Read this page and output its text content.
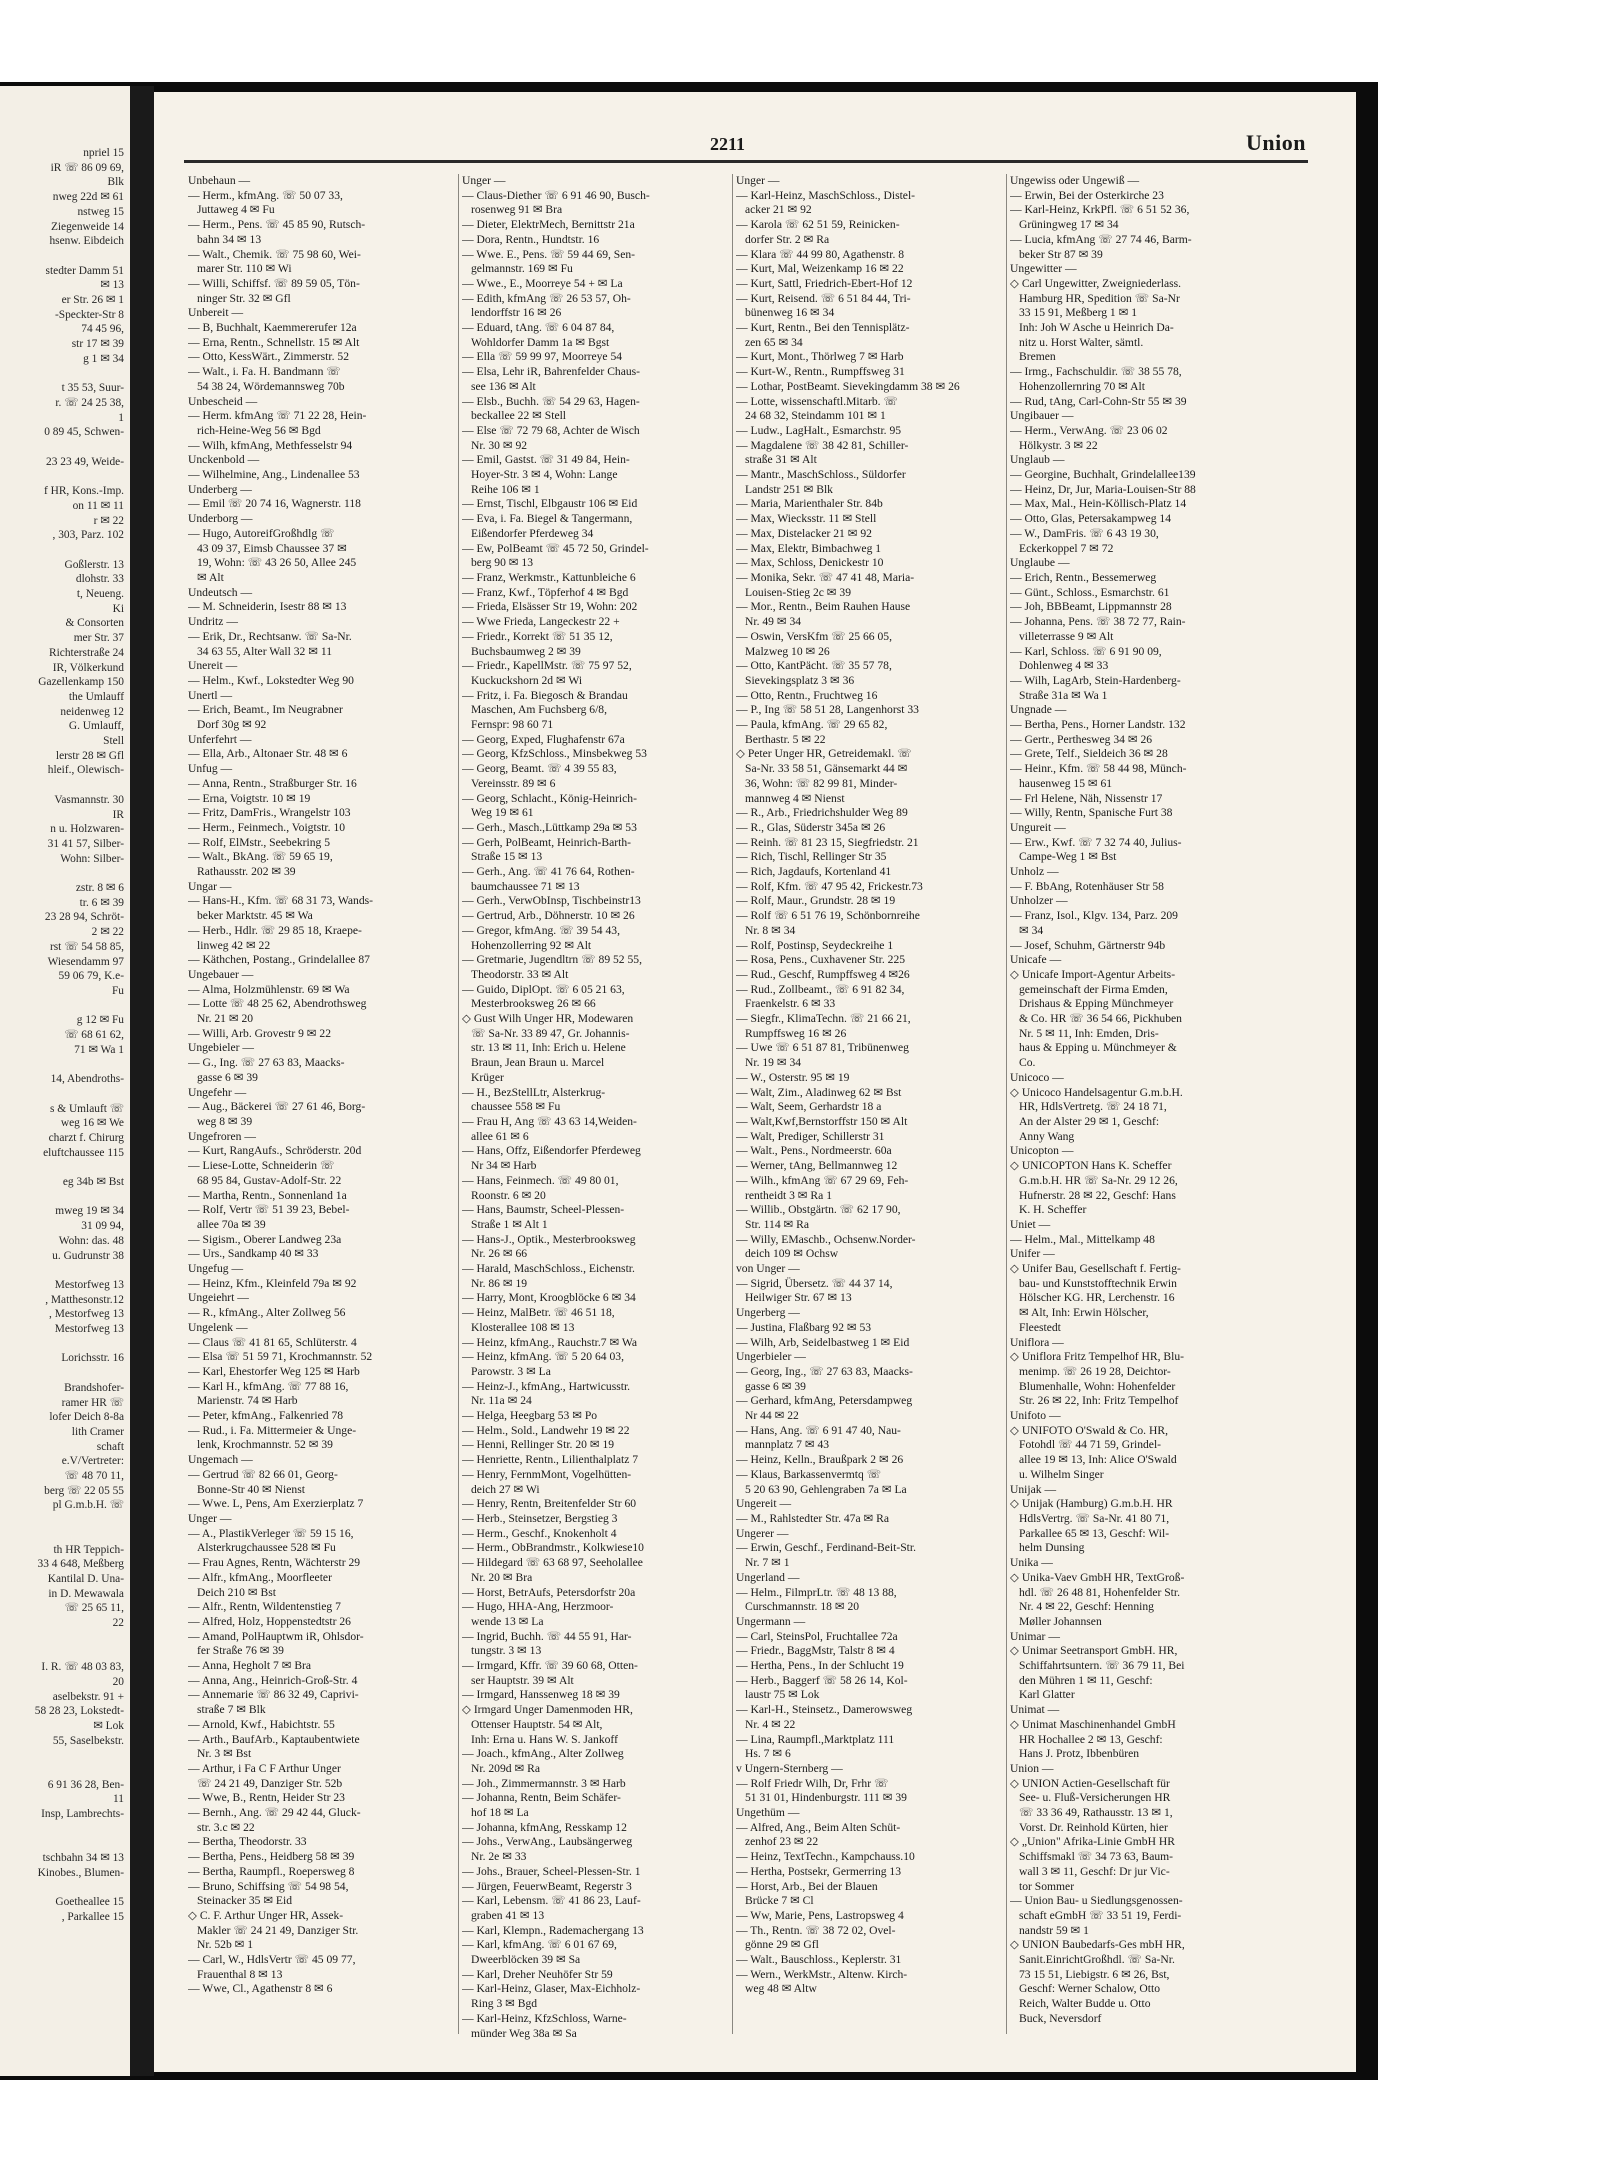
npriel 15
iR ☏ 86 09 69,
Blk
nweg 22d ✉ 61
nstweg 15
Ziegenweide 14
hsenw. Eibdeich
stedter Damm 51
✉ 13
er Str. 26 ✉ 1
-Speckter-Str 8
74 45 96,
str 17 ✉ 39
g 1 ✉ 34
t 35 53, Suur-
r. ☏ 24 25 38,
1
0 89 45, Schwen-
23 23 49, Weide-
f HR, Kons.-Imp.
on 11 ✉ 11
r ✉ 22
, 303, Parz. 102
Goßlerstr. 13
dlohstr. 33
t, Neueng.
Ki
& Consorten
mer Str. 37
Richterstraße 24
IR, Völkerkund
Gazellenkamp 150
the Umlauff
neidenweg 12
G. Umlauff,
Stell
lerstr 28 ✉ Gfl
hleif., Olewisch-
Vasmannstr. 30
IR
n u. Holzwaren-
31 41 57, Silber-
Wohn: Silber-
zstr. 8 ✉ 6
tr. 6 ✉ 39
23 28 94, Schröt-
2 ✉ 22
rst ☏ 54 58 85,
Wiesendamm 97
59 06 79, K.e-
Fu
g 12 ✉ Fu
☏ 68 61 62,
71 ✉ Wa 1
14, Abendroths-
s & Umlauft ☏
weg 16 ✉ We
charzt f. Chirurg
eluftchaussee 115
eg 34b ✉ Bst
mweg 19 ✉ 34
31 09 94,
Wohn: das. 48
u. Gudrunstr 38
Mestorfweg 13
, Matthesonstr.12
, Mestorfweg 13
Mestorfweg 13
Lorichsstr. 16
Brandshofer-
ramer HR ☏
lofer Deich 8-8a
lith Cramer
schaft
e.V/Vertreter:
☏ 48 70 11,
berg ☏ 22 05 55
pl G.m.b.H. ☏
th HR Teppich-
33 4 648, Meßberg
Kantilal D. Una-
in D. Mewawala
☏ 25 65 11,
22
I. R. ☏ 48 03 83,
20
aselbekstr. 91 +
58 28 23, Lokstedt-
✉ Lok
55, Saselbekstr.
6 91 36 28, Ben-
11
Insp, Lambrechts-
tschbahn 34 ✉ 13
Kinobes., Blumen-
Goetheallee 15
, Parkallee 15
2211	Union
Unbehaun —
— Herm., kfmAng. ☏ 50 07 33,
Juttaweg 4 ✉ Fu
— Herm., Pens. ☏ 45 85 90, Rutsch-
bahn 34 ✉ 13
— Walt., Chemik. ☏ 75 98 60, Wei-
marer Str. 110 ✉ Wi
— Willi, Schiffsf. ☏ 89 59 05, Tön-
ninger Str. 32 ✉ Gfl
Unbereit —
— B, Buchhalt, Kaemmererufer 12a
— Erna, Rentn., Schnellstr. 15 ✉ Alt
— Otto, KessWärt., Zimmerstr. 52
— Walt., i. Fa. H. Bandmann ☏
54 38 24, Wördemannsweg 70b
Unbescheid —
— Herm. kfmAng ☏ 71 22 28, Hein-
rich-Heine-Weg 56 ✉ Bgd
— Wilh, kfmAng, Methfesselstr 94
Unckenbold —
— Wilhelmine, Ang., Lindenallee 53
Underberg —
— Emil ☏ 20 74 16, Wagnerstr. 118
Underborg —
— Hugo, AutoreifGroßhdlg ☏
43 09 37, Eimsb Chaussee 37 ✉
19, Wohn: ☏ 43 26 50, Allee 245
✉ Alt
Undeutsch —
— M. Schneiderin, Isestr 88 ✉ 13
Undritz —
— Erik, Dr., Rechtsanw. ☏ Sa-Nr.
34 63 55, Alter Wall 32 ✉ 11
Unereit —
— Helm., Kwf., Lokstedter Weg 90
Unertl —
— Erich, Beamt., Im Neugrabner
Dorf 30g ✉ 92
Unferfehrt —
— Ella, Arb., Altonaer Str. 48 ✉ 6
Unfug —
— Anna, Rentn., Straßburger Str. 16
— Erna, Voigtstr. 10 ✉ 19
— Fritz, DamFris., Wrangelstr 103
— Herm., Feinmech., Voigtstr. 10
— Rolf, ElMstr., Seebekring 5
— Walt., BkAng. ☏ 59 65 19,
Rathausstr. 202 ✉ 39
Ungar —
— Hans-H., Kfm. ☏ 68 31 73, Wands-
beker Marktstr. 45 ✉ Wa
— Herb., Hdlr. ☏ 29 85 18, Kraepe-
linweg 42 ✉ 22
— Käthchen, Postang., Grindelallee 87
Ungebauer —
— Alma, Holzmühlenstr. 69 ✉ Wa
— Lotte ☏ 48 25 62, Abendrothsweg
Nr. 21 ✉ 20
— Willi, Arb. Grovestr 9 ✉ 22
Ungebieler —
— G., Ing. ☏ 27 63 83, Maacks-
gasse 6 ✉ 39
Ungefehr —
— Aug., Bäckerei ☏ 27 61 46, Borg-
weg 8 ✉ 39
Ungefroren —
— Kurt, RangAufs., Schröderstr. 20d
— Liese-Lotte, Schneiderin ☏
68 95 84, Gustav-Adolf-Str. 22
— Martha, Rentn., Sonnenland 1a
— Rolf, Vertr ☏ 51 39 23, Bebel-
allee 70a ✉ 39
— Sigism., Oberer Landweg 23a
— Urs., Sandkamp 40 ✉ 33
Ungefug —
— Heinz, Kfm., Kleinfeld 79a ✉ 92
Ungeiehrt —
— R., kfmAng., Alter Zollweg 56
Ungelenk —
— Claus ☏ 41 81 65, Schlüterstr. 4
— Elsa ☏ 51 59 71, Krochmannstr. 52
— Karl, Ehestorfer Weg 125 ✉ Harb
— Karl H., kfmAng. ☏ 77 88 16,
Marienstr. 74 ✉ Harb
— Peter, kfmAng., Falkenried 78
— Rud., i. Fa. Mittermeier & Unge-
lenk, Krochmannstr. 52 ✉ 39
Ungemach —
— Gertrud ☏ 82 66 01, Georg-
Bonne-Str 40 ✉ Nienst
— Wwe. L, Pens, Am Exerzierplatz 7
Unger —
— A., PlastikVerleger ☏ 59 15 16,
Alsterkrugchaussee 528 ✉ Fu
— Frau Agnes, Rentn, Wächterstr 29
— Alfr., kfmAng., Moorfleeter
Deich 210 ✉ Bst
— Alfr., Rentn, Wildentenstieg 7
— Alfred, Holz, Hoppenstedtstr 26
— Amand, PolHauptwm iR, Ohlsdor-
fer Straße 76 ✉ 39
— Anna, Hegholt 7 ✉ Bra
— Anna, Ang., Heinrich-Groß-Str. 4
— Annemarie ☏ 86 32 49, Caprivi-
straße 7 ✉ Blk
— Arnold, Kwf., Habichtstr. 55
— Arth., BaufArb., Kaptaubentwiete
Nr. 3 ✉ Bst
— Arthur, i Fa C F Arthur Unger
☏ 24 21 49, Danziger Str. 52b
— Wwe, B., Rentn, Heider Str 23
— Bernh., Ang. ☏ 29 42 44, Gluck-
str. 3.c ✉ 22
— Bertha, Theodorstr. 33
— Bertha, Pens., Heidberg 58 ✉ 39
— Bertha, Raumpfl., Roepersweg 8
— Bruno, Schiffsing ☏ 54 98 54,
Steinacker 35 ✉ Eid
◇ C. F. Arthur Unger HR, Assek-
Makler ☏ 24 21 49, Danziger Str.
Nr. 52b ✉ 1
— Carl, W., HdlsVertr ☏ 45 09 77,
Frauenthal 8 ✉ 13
— Wwe, Cl., Agathenstr 8 ✉ 6
Unger —
— Claus-Diether ☏ 6 91 46 90, Busch-
rosenweg 91 ✉ Bra
— Dieter, ElektrMech, Bernittstr 21a
— Dora, Rentn., Hundtstr. 16
— Wwe. E., Pens. ☏ 59 44 69, Sen-
gelmannstr. 169 ✉ Fu
— Wwe., E., Moorreye 54 + ✉ La
— Edith, kfmAng ☏ 26 53 57, Oh-
lendorffstr 16 ✉ 26
— Eduard, tAng. ☏ 6 04 87 84,
Wohldorfer Damm 1a ✉ Bgst
— Ella ☏ 59 99 97, Moorreye 54
— Elsa, Lehr iR, Bahrenfelder Chaus-
see 136 ✉ Alt
— Elsb., Buchh. ☏ 54 29 63, Hagen-
beckallee 22 ✉ Stell
— Else ☏ 72 79 68, Achter de Wisch
Nr. 30 ✉ 92
— Emil, Gastst. ☏ 31 49 84, Hein-
Hoyer-Str. 3 ✉ 4, Wohn: Lange
Reihe 106 ✉ 1
— Ernst, Tischl, Elbgaustr 106 ✉ Eid
— Eva, i. Fa. Biegel & Tangermann,
Eißendorfer Pferdeweg 34
— Ew, PolBeamt ☏ 45 72 50, Grindel-
berg 90 ✉ 13
— Franz, Werkmstr., Kattunbleiche 6
— Franz, Kwf., Töpferhof 4 ✉ Bgd
— Frieda, Elsässer Str 19, Wohn: 202
— Wwe Frieda, Langeckestr 22 +
— Friedr., Korrekt ☏ 51 35 12,
Buchsbaumweg 2 ✉ 39
— Friedr., KapellMstr. ☏ 75 97 52,
Kuckuckshorn 2d ✉ Wi
— Fritz, i. Fa. Biegosch & Brandau
Maschen, Am Fuchsberg 6/8,
Fernspr: 98 60 71
— Georg, Exped, Flughafenstr 67a
— Georg, KfzSchloss., Minsbekweg 53
— Georg, Beamt. ☏ 4 39 55 83,
Vereinsstr. 89 ✉ 6
— Georg, Schlacht., König-Heinrich-
Weg 19 ✉ 61
— Gerh., Masch.,Lüttkamp 29a ✉ 53
— Gerh, PolBeamt, Heinrich-Barth-
Straße 15 ✉ 13
— Gerh., Ang. ☏ 41 76 64, Rothen-
baumchaussee 71 ✉ 13
— Gerh., VerwObInsp, Tischbeinstr13
— Gertrud, Arb., Döhnerstr. 10 ✉ 26
— Gregor, kfmAng. ☏ 39 54 43,
Hohenzollerring 92 ✉ Alt
— Gretmarie, Jugendltrn ☏ 89 52 55,
Theodorstr. 33 ✉ Alt
— Guido, DiplOpt. ☏ 6 05 21 63,
Mesterbrooksweg 26 ✉ 66
◇ Gust Wilh Unger HR, Modewaren
☏ Sa-Nr. 33 89 47, Gr. Johannis-
str. 13 ✉ 11, Inh: Erich u. Helene
Braun, Jean Braun u. Marcel
Krüger
— H., BezStellLtr, Alsterkrug-
chaussee 558 ✉ Fu
— Frau H, Ang ☏ 43 63 14,Weiden-
allee 61 ✉ 6
— Hans, Offz, Eißendorfer Pferdeweg
Nr 34 ✉ Harb
— Hans, Feinmech. ☏ 49 80 01,
Roonstr. 6 ✉ 20
— Hans, Baumstr, Scheel-Plessen-
Straße 1 ✉ Alt 1
— Hans-J., Optik., Mesterbrooksweg
Nr. 26 ✉ 66
— Harald, MaschSchloss., Eichenstr.
Nr. 86 ✉ 19
— Harry, Mont, Kroogblöcke 6 ✉ 34
— Heinz, MalBetr. ☏ 46 51 18,
Klosterallee 108 ✉ 13
— Heinz, kfmAng., Rauchstr.7 ✉ Wa
— Heinz, kfmAng. ☏ 5 20 64 03,
Parowstr. 3 ✉ La
— Heinz-J., kfmAng., Hartwicusstr.
Nr. 11a ✉ 24
— Helga, Heegbarg 53 ✉ Po
— Helm., Sold., Landwehr 19 ✉ 22
— Henni, Rellinger Str. 20 ✉ 19
— Henriette, Rentn., Lilienthalplatz 7
— Henry, FernmMont, Vogelhütten-
deich 27 ✉ Wi
— Henry, Rentn, Breitenfelder Str 60
— Herb., Steinsetzer, Bergstieg 3
— Herm., Geschf., Knokenholt 4
— Herm., ObBrandmstr., Kolkwiese10
— Hildegard ☏ 63 68 97, Seeholallee
Nr. 20 ✉ Bra
— Horst, BetrAufs, Petersdorfstr 20a
— Hugo, HHA-Ang, Herzmoor-
wende 13 ✉ La
— Ingrid, Buchh. ☏ 44 55 91, Har-
tungstr. 3 ✉ 13
— Irmgard, Kffr. ☏ 39 60 68, Otten-
ser Hauptstr. 39 ✉ Alt
— Irmgard, Hanssenweg 18 ✉ 39
◇ Irmgard Unger Damenmoden HR,
Ottenser Hauptstr. 54 ✉ Alt,
Inh: Erna u. Hans W. S. Jankoff
— Joach., kfmAng., Alter Zollweg
Nr. 209d ✉ Ra
— Joh., Zimmermannstr. 3 ✉ Harb
— Johanna, Rentn, Beim Schäfer-
hof 18 ✉ La
— Johanna, kfmAng, Resskamp 12
— Johs., VerwAng., Laubsängerweg
Nr. 2e ✉ 33
— Johs., Brauer, Scheel-Plessen-Str. 1
— Jürgen, FeuerwBeamt, Regerstr 3
— Karl, Lebensm. ☏ 41 86 23, Lauf-
graben 41 ✉ 13
— Karl, Klempn., Rademachergang 13
— Karl, kfmAng. ☏ 6 01 67 69,
Dweerblöcken 39 ✉ Sa
— Karl, Dreher Neuhöfer Str 59
— Karl-Heinz, Glaser, Max-Eichholz-
Ring 3 ✉ Bgd
— Karl-Heinz, KfzSchloss, Warne-
münder Weg 38a ✉ Sa
Unger —
— Karl-Heinz, MaschSchloss., Distel-
acker 21 ✉ 92
— Karola ☏ 62 51 59, Reinicken-
dorfer Str. 2 ✉ Ra
— Klara ☏ 44 99 80, Agathenstr. 8
— Kurt, Mal, Weizenkamp 16 ✉ 22
— Kurt, Sattl, Friedrich-Ebert-Hof 12
— Kurt, Reisend. ☏ 6 51 84 44, Tri-
bünenweg 16 ✉ 34
— Kurt, Rentn., Bei den Tennisplätz-
zen 65 ✉ 34
— Kurt, Mont., Thörlweg 7 ✉ Harb
— Kurt-W., Rentn., Rumpffsweg 31
— Lothar, PostBeamt. Sievekingdamm 38 ✉ 26
— Lotte, wissenschaftl.Mitarb. ☏
24 68 32, Steindamm 101 ✉ 1
— Ludw., LagHalt., Esmarchstr. 95
— Magdalene ☏ 38 42 81, Schiller-
straße 31 ✉ Alt
— Mantr., MaschSchloss., Süldorfer
Landstr 251 ✉ Blk
— Maria, Marienthaler Str. 84b
— Max, Wiecksstr. 11 ✉ Stell
— Max, Distelacker 21 ✉ 92
— Max, Elektr, Bimbachweg 1
— Max, Schloss, Denickestr 10
— Monika, Sekr. ☏ 47 41 48, Maria-
Louisen-Stieg 2c ✉ 39
— Mor., Rentn., Beim Rauhen Hause
Nr. 49 ✉ 34
— Oswin, VersKfm ☏ 25 66 05,
Malzweg 10 ✉ 26
— Otto, KantPächt. ☏ 35 57 78,
Sievekingsplatz 3 ✉ 36
— Otto, Rentn., Fruchtweg 16
— P., Ing ☏ 58 51 28, Langenhorst 33
— Paula, kfmAng. ☏ 29 65 82,
Berthastr. 5 ✉ 22
◇ Peter Unger HR, Getreidemakl. ☏
Sa-Nr. 33 58 51, Gänsemarkt 44 ✉
36, Wohn: ☏ 82 99 81, Minder-
mannweg 4 ✉ Nienst
— R., Arb., Friedrichshulder Weg 89
— R., Glas, Süderstr 345a ✉ 26
— Reinh. ☏ 81 23 15, Siegfriedstr. 21
— Rich, Tischl, Rellinger Str 35
— Rich, Jagdaufs, Kortenland 41
— Rolf, Kfm. ☏ 47 95 42, Frickestr.73
— Rolf, Maur., Grundstr. 28 ✉ 19
— Rolf ☏ 6 51 76 19, Schönbornreihe
Nr. 8 ✉ 34
— Rolf, Postinsp, Seydeckreihe 1
— Rosa, Pens., Cuxhavener Str. 225
— Rud., Geschf, Rumpffsweg 4 ✉26
— Rud., Zollbeamt., ☏ 6 91 82 34,
Fraenkelstr. 6 ✉ 33
— Siegfr., KlimaTechn. ☏ 21 66 21,
Rumpffsweg 16 ✉ 26
— Uwe ☏ 6 51 87 81, Tribünenweg
Nr. 19 ✉ 34
— W., Osterstr. 95 ✉ 19
— Walt, Zim., Aladinweg 62 ✉ Bst
— Walt, Seem, Gerhardstr 18 a
— Walt,Kwf,Bernstorffstr 150 ✉ Alt
— Walt, Prediger, Schillerstr 31
— Walt., Pens., Nordmeerstr. 60a
— Werner, tAng, Bellmannweg 12
— Wilh., kfmAng ☏ 67 29 69, Feh-
rentheidt 3 ✉ Ra 1
— Willib., Obstgärtn. ☏ 62 17 90,
Str. 114 ✉ Ra
— Willy, EMaschb., Ochsenw.Norder-
deich 109 ✉ Ochsw
von Unger —
— Sigrid, Übersetz. ☏ 44 37 14,
Heilwiger Str. 67 ✉ 13
Ungerberg —
— Justina, Flaßbarg 92 ✉ 53
— Wilh, Arb, Seidelbastweg 1 ✉ Eid
Ungerbieler —
— Georg, Ing., ☏ 27 63 83, Maacks-
gasse 6 ✉ 39
— Gerhard, kfmAng, Petersdampweg
Nr 44 ✉ 22
— Hans, Ang. ☏ 6 91 47 40, Nau-
mannplatz 7 ✉ 43
— Heinz, Kelln., Braußpark 2 ✉ 26
— Klaus, Barkassenvermtq ☏
5 20 63 90, Gehlengraben 7a ✉ La
Ungereit —
— M., Rahlstedter Str. 47a ✉ Ra
Ungerer —
— Erwin, Geschf., Ferdinand-Beit-Str.
Nr. 7 ✉ 1
Ungerland —
— Helm., FilmprLtr. ☏ 48 13 88,
Curschmannstr. 18 ✉ 20
Ungermann —
— Carl, SteinsPol, Fruchtallee 72a
— Friedr., BaggMstr, Talstr 8 ✉ 4
— Hertha, Pens., In der Schlucht 19
— Herb., Baggerf ☏ 58 26 14, Kol-
laustr 75 ✉ Lok
— Karl-H., Steinsetz., Damerowsweg
Nr. 4 ✉ 22
— Lina, Raumpfl.,Marktplatz 111
Hs. 7 ✉ 6
v Ungern-Sternberg —
— Rolf Friedr Wilh, Dr, Frhr ☏
51 31 01, Hindenburgstr. 111 ✉ 39
Ungethüm —
— Alfred, Ang., Beim Alten Schüt-
zenhof 23 ✉ 22
— Heinz, TextTechn., Kampchauss.10
— Hertha, Postsekr, Germerring 13
— Horst, Arb., Bei der Blauen
Brücke 7 ✉ Cl
— Ww, Marie, Pens, Lastropsweg 4
— Th., Rentn. ☏ 38 72 02, Ovel-
gönne 29 ✉ Gfl
— Walt., Bauschloss., Keplerstr. 31
— Wern., WerkMstr., Altenw. Kirch-
weg 48 ✉ Altw
Ungewiss oder Ungewiß —
— Erwin, Bei der Osterkirche 23
— Karl-Heinz, KrkPfl. ☏ 6 51 52 36,
Grüningweg 17 ✉ 34
— Lucia, kfmAng ☏ 27 74 46, Barm-
beker Str 87 ✉ 39
Ungewitter —
◇ Carl Ungewitter, Zweigniederlass.
Hamburg HR, Spedition ☏ Sa-Nr
33 15 91, Meßberg 1 ✉ 1
Inh: Joh W Asche u Heinrich Da-
nitz u. Horst Walter, sämtl.
Bremen
— Irmg., Fachschuldir. ☏ 38 55 78,
Hohenzollernring 70 ✉ Alt
— Rud, tAng, Carl-Cohn-Str 55 ✉ 39
Ungibauer —
— Herm., VerwAng. ☏ 23 06 02
Hölkystr. 3 ✉ 22
Unglaub —
— Georgine, Buchhalt, Grindelallee139
— Heinz, Dr, Jur, Maria-Louisen-Str 88
— Max, Mal., Hein-Köllisch-Platz 14
— Otto, Glas, Petersakampweg 14
— W., DamFris. ☏ 6 43 19 30,
Eckerkoppel 7 ✉ 72
Unglaube —
— Erich, Rentn., Bessemerweg
— Günt., Schloss., Esmarchstr. 61
— Joh, BBBeamt, Lippmannstr 28
— Johanna, Pens. ☏ 38 72 77, Rain-
villeterrasse 9 ✉ Alt
— Karl, Schloss. ☏ 6 91 90 09,
Dohlenweg 4 ✉ 33
— Wilh, LagArb, Stein-Hardenberg-
Straße 31a ✉ Wa 1
Ungnade —
— Bertha, Pens., Horner Landstr. 132
— Gertr., Perthesweg 34 ✉ 26
— Grete, Telf., Sieldeich 36 ✉ 28
— Heinr., Kfm. ☏ 58 44 98, Münch-
hausenweg 15 ✉ 61
— Frl Helene, Näh, Nissenstr 17
— Willy, Rentn, Spanische Furt 38
Ungureit —
— Erw., Kwf. ☏ 7 32 74 40, Julius-
Campe-Weg 1 ✉ Bst
Unholz —
— F. BbAng, Rotenhäuser Str 58
Unholzer —
— Franz, Isol., Klgv. 134, Parz. 209
✉ 34
— Josef, Schuhm, Gärtnerstr 94b
Unicafe —
◇ Unicafe Import-Agentur Arbeits-
gemeinschaft der Firma Emden,
Drishaus & Epping Münchmeyer
& Co. HR ☏ 36 54 66, Pickhuben
Nr. 5 ✉ 11, Inh: Emden, Dris-
haus & Epping u. Münchmeyer &
Co.
Unicoco —
◇ Unicoco Handelsagentur G.m.b.H.
HR, HdlsVertretg. ☏ 24 18 71,
An der Alster 29 ✉ 1, Geschf:
Anny Wang
Unicopton —
◇ UNICOPTON Hans K. Scheffer
G.m.b.H. HR ☏ Sa-Nr. 29 12 26,
Hufnerstr. 28 ✉ 22, Geschf: Hans
K. H. Scheffer
Uniet —
— Helm., Mal., Mittelkamp 48
Unifer —
◇ Unifer Bau, Gesellschaft f. Fertig-
bau- und Kunststofftechnik Erwin
Hölscher KG. HR, Lerchenstr. 16
✉ Alt, Inh: Erwin Hölscher,
Fleestedt
Uniflora —
◇ Uniflora Fritz Tempelhof HR, Blu-
menimp. ☏ 26 19 28, Deichtor-
Blumenhalle, Wohn: Hohenfelder
Str. 26 ✉ 22, Inh: Fritz Tempelhof
Unifoto —
◇ UNIFOTO O'Swald & Co. HR,
Fotohdl ☏ 44 71 59, Grindel-
allee 19 ✉ 13, Inh: Alice O'Swald
u. Wilhelm Singer
Unijak —
◇ Unijak (Hamburg) G.m.b.H. HR
HdlsVertrg. ☏ Sa-Nr. 41 80 71,
Parkallee 65 ✉ 13, Geschf: Wil-
helm Dunsing
Unika —
◇ Unika-Vaev GmbH HR, TextGroß-
hdl. ☏ 26 48 81, Hohenfelder Str.
Nr. 4 ✉ 22, Geschf: Henning
Møller Johannsen
Unimar —
◇ Unimar Seetransport GmbH. HR,
Schiffahrtsuntern. ☏ 36 79 11, Bei
den Mühren 1 ✉ 11, Geschf:
Karl Glatter
Unimat —
◇ Unimat Maschinenhandel GmbH
HR Hochallee 2 ✉ 13, Geschf:
Hans J. Protz, Ibbenbüren
Union —
◇ UNION Actien-Gesellschaft für
See- u. Fluß-Versicherungen HR
☏ 33 36 49, Rathausstr. 13 ✉ 1,
Vorst. Dr. Reinhold Kürten, hier
◇ „Union" Afrika-Linie GmbH HR
Schiffsmakl ☏ 34 73 63, Baum-
wall 3 ✉ 11, Geschf: Dr jur Vic-
tor Sommer
— Union Bau- u Siedlungsgenossen-
schaft eGmbH ☏ 33 51 19, Ferdi-
nandstr 59 ✉ 1
◇ UNION Baubedarfs-Ges mbH HR,
Sanit.EinrichtGroßhdl. ☏ Sa-Nr.
73 15 51, Liebigstr. 6 ✉ 26, Bst,
Geschf: Werner Schalow, Otto
Reich, Walter Budde u. Otto
Buck, Neversdorf
